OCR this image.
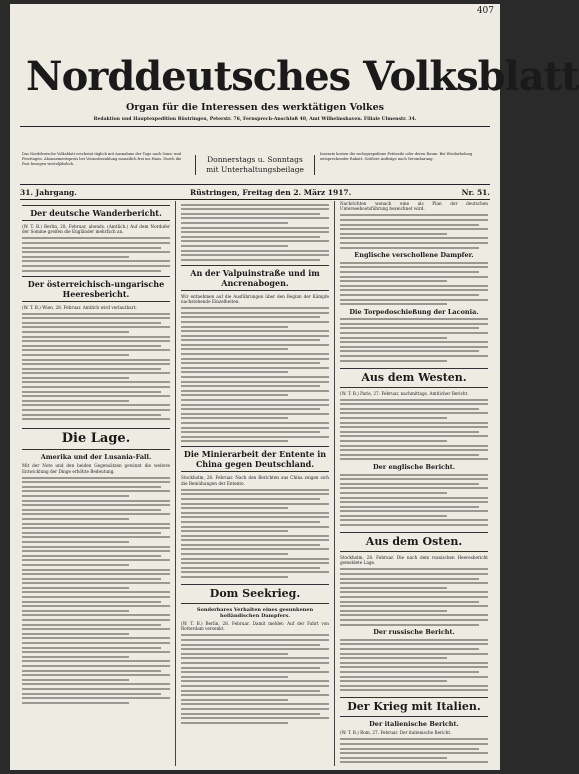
407
Norddeutsches Volksblatt
Organ für die Interessen des werktätigen Volkes
Redaktion und Hauptexpedition Rüstringen, Peterstr. 76, Fernsprech-Anschluß 48, Amt Wilhelmshaven. Filiale Ulmenstr. 34.
Das Norddeutsche Volksblatt erscheint täglich mit Ausnahme der Tage nach Sonn- und Feiertagen. Abonnementspreis bei Vorausbezahlung monatlich frei ins Haus. Durch die Post bezogen vierteljährlich.	Donnerstags u. Sonntags
mit Unterhaltungsbeilage
Inserate kosten die sechsgespaltene Petitzeile oder deren Raum. Bei Wiederholung entsprechender Rabatt. Größere Aufträge nach Vereinbarung.
31. Jahrgang.	Rüstringen, Freitag den 2. März 1917.	Nr. 51.
Der deutsche Wanderbericht.

(W. T. B.) Berlin, 28. Februar, abends. (Amtlich.) Auf dem Nordufer der Somme greifen die Engländer mehrfach an.

Der österreichisch-ungarische Heeresbericht.

(W. T. B.) Wien, 28. Februar. Amtlich wird verlautbart:

Die Lage.
Amerika und der Lusania-Fall.

Mit der Note und den beiden Gegensätzen gewinnt die weitere Entwicklung der Dinge erhöhte Bedeutung.

An der Valpuinstraße und im Ancrenabogen.

Wir entnehmen auf die Ausführungen über den Beginn der Kämpfe nachstehende Einzelheiten.

Die Minierarbeit der Entente in China gegen Deutschland.

Stockholm, 28. Februar. Nach den Berichten aus China zeigen sich die Bemühungen der Entente.

Dom Seekrieg.
Sonderbares Verhalten eines gesunkenen holländischen Dampfers.

(W. T. B.) Berlin, 28. Februar. Damit meldet: Auf der Fahrt von Rotterdam versenkt.

Nachrichten wonach eine als Plan der deutschen Unterseebootsführung bezeichnet wird.

Englische verschollene Dampfer.
Die Torpedoschießung der Laconia.
Aus dem Westen.

(W. T. B.) Paris, 27. Februar, nachmittags. Amtlicher Bericht.

Der englische Bericht.
Aus dem Osten.

Stockholm, 28. Februar. Die nach dem russischen Heeresbericht gemeldete Lage.

Der russische Bericht.
Der Krieg mit Italien.
Der italienische Bericht.

(W. T. B.) Rom, 27. Februar. Der italienische Bericht.
